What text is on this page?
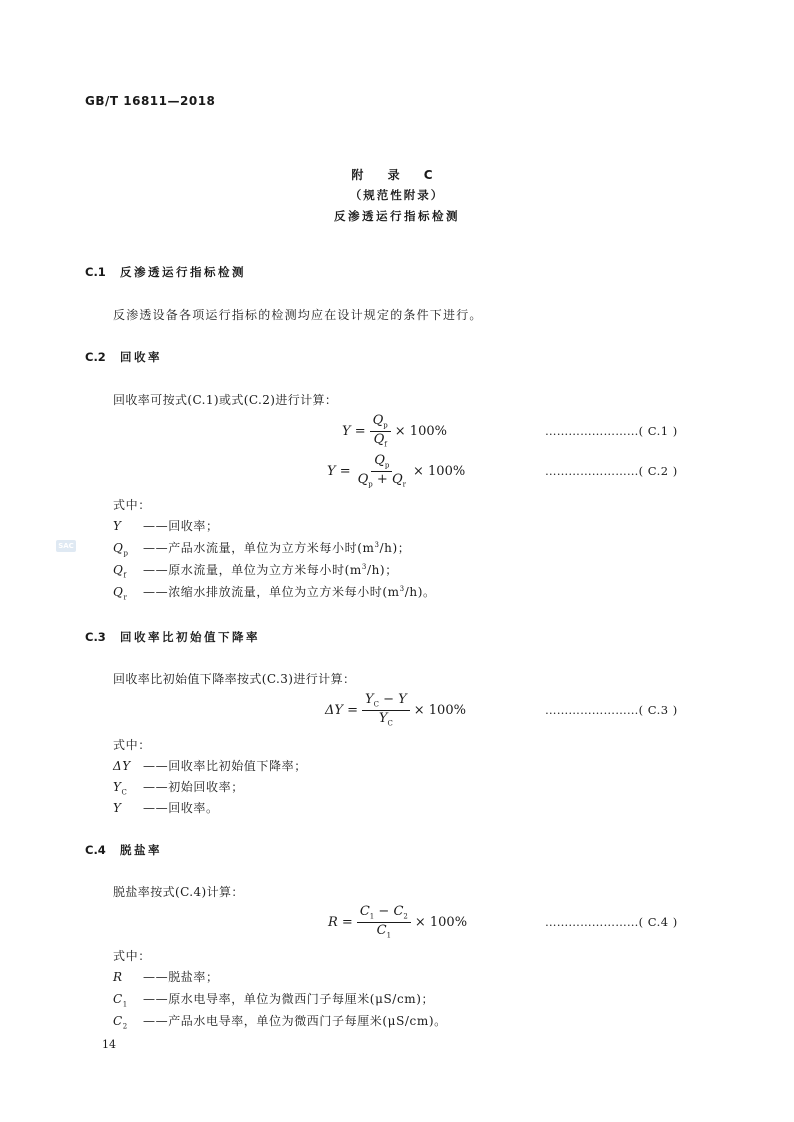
GB/T 16811—2018
附 录 C
（规范性附录）
反渗透运行指标检测
C.1 反渗透运行指标检测
反渗透设备各项运行指标的检测均应在设计规定的条件下进行。
C.2 回收率
回收率可按式(C.1)或式(C.2)进行计算：
$Y = \frac{Q_p}{Q_f} \times 100\%$	……………………( C.1 )
$Y = \frac{Q_p}{Q_p + Q_r} \times 100\%$	……………………( C.2 )
式中：
Y ——回收率；
$Q_p$ ——产品水流量，单位为立方米每小时$(m^3/h)$；
$Q_f$ ——原水流量，单位为立方米每小时$(m^3/h)$；
$Q_r$ ——浓缩水排放流量，单位为立方米每小时$(m^3/h)$。
C.3 回收率比初始值下降率
回收率比初始值下降率按式(C.3)进行计算：
$\Delta Y = \frac{Y_C - Y}{Y_C} \times 100\%$	……………………( C.3 )
式中：
ΔY ——回收率比初始值下降率；
$Y_C$ ——初始回收率；
Y ——回收率。
C.4 脱盐率
脱盐率按式(C.4)计算：
$R = \frac{C_1 - C_2}{C_1} \times 100\%$	……………………( C.4 )
式中：
R ——脱盐率；
$C_1$ ——原水电导率，单位为微西门子每厘米(μS/cm)；
$C_2$ ——产品水电导率，单位为微西门子每厘米(μS/cm)。
SAC
14
